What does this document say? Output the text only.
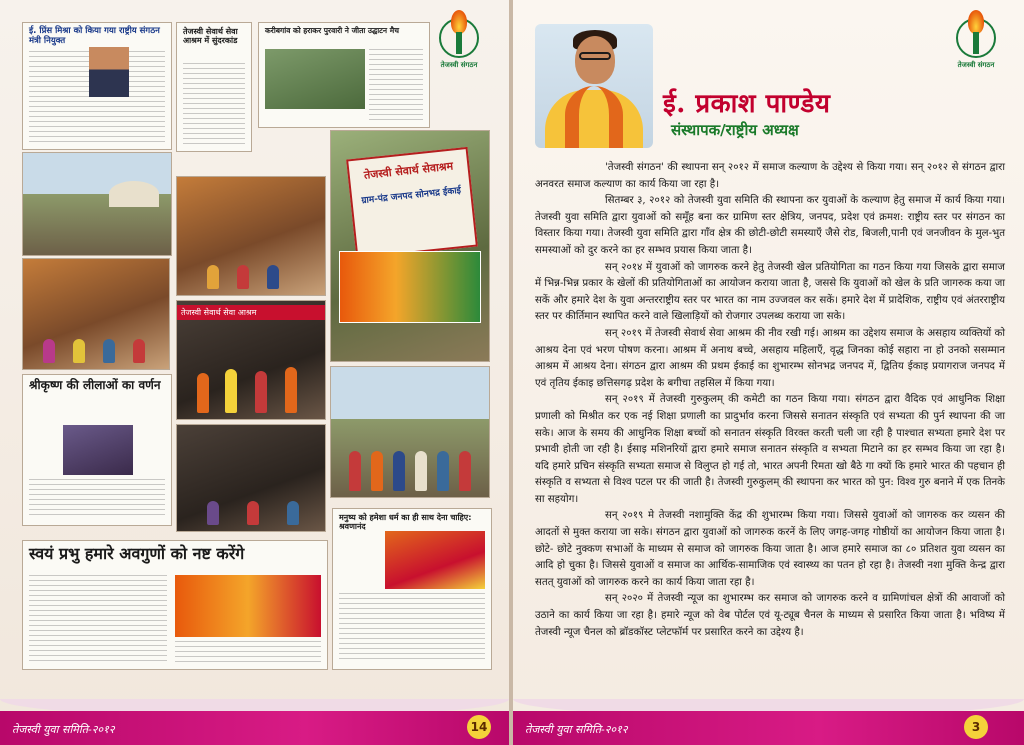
ई. प्रिंस मिश्रा को किया गया राष्ट्रीय संगठन मंत्री नियुक्त
तेजस्वी सेवार्थ सेवा आश्रम में सुंदरकांड
करीबगांव को हराकर पुरवारी ने जीता उद्घाटन मैच
तेजस्वी संगठन
तेजस्वी सेवार्थ सेवाश्रम
ग्राम-पंद्र जनपद सोनभद्र ईकाई
तेजस्वी सेवार्थ सेवा आश्रम
श्रीकृष्ण की लीलाओं का वर्णन
स्वयं प्रभु हमारे अवगुणों को नष्ट करेंगे
मनुष्य को हमेशा धर्म का ही साथ देना चाहिए: श्रवणानंद
तेजस्वी युवा समिति-२०१२	14
ई. प्रकाश पाण्डेय
संस्थापक/राष्ट्रीय अध्यक्ष
तेजस्वी संगठन

'तेजस्वी संगठन' की स्थापना सन् २०१२ में समाज कल्याण के उद्देश्य से किया गया। सन् २०१२ से संगठन द्वारा अनवरत समाज कल्याण का कार्य किया जा रहा है।

सितम्बर ३, २०१२ को तेजस्वी युवा समिति की स्थापना कर युवाओं के कल्याण हेतु समाज में कार्य किया गया। तेजस्वी युवा समिति द्वारा युवाओं को समूँह बना कर ग्रामिण स्तर क्षेत्रिय, जनपद, प्रदेश एवं क्रमश: राष्ट्रीय स्तर पर संगठन का विस्तार किया गया। तेजस्वी युवा समिति द्वारा गाँव क्षेत्र की छोटी-छोटी समस्याएँ जैसे रोड, बिजली,पानी एवं जनजीवन के मुल-भुत समस्याओं को दुर करने का हर सम्भव प्रयास किया जाता है।

सन् २०१४ में युवाओं को जागरुक करने हेतु तेजस्वी खेल प्रतियोगिता का गठन किया गया जिसके द्वारा समाज में भिन्न-भिन्न प्रकार के खेलों की प्रतियोगिताओं का आयोजन कराया जाता है, जससे कि युवाओं को खेल के प्रति जागरुक कया जा सकें और हमारे देश के युवा अन्तरराष्ट्रीय स्तर पर भारत का नाम उज्जवल कर सकें। हमारे देश में प्रादेशिक, राष्ट्रीय एवं अंतरराष्ट्रीय स्तर पर कीर्तिमान स्थापित करने वाले खिलाड़ियों को रोजगार उपलब्ध कराया जा सके।

सन् २०१९ में तेजस्वी सेवार्थ सेवा आश्रम की नीव रखी गई। आश्रम का उद्देशय समाज के असहाय व्यक्तियों को आश्रय देना एवं भरण पोषण करना। आश्रम में अनाथ बच्चे, असहाय महिलाएँ, वृद्ध जिनका कोई सहारा ना हो उनको ससम्मान आश्रम में आश्रय देना। संगठन द्वारा आश्रम की प्रथम ईकाई का शुभारम्भ सोनभद्र जनपद में, द्वितिय ईकाइ प्रयागराज जनपद में एवं तृतिय ईकाइ छत्तिसगढ़ प्रदेश के बगीचा तहसिल में किया गया।

सन् २०१९ में तेजस्वी गुरुकुलम् की कमेटी का गठन किया गया। संगठन द्वारा वैदिक एवं आधुनिक शिक्षा प्रणाली को मिश्रीत कर एक नई शिक्षा प्रणाली का प्रादुर्भाव करना जिससे सनातन संस्कृति एवं सभ्यता की पुर्न स्थापना की जा सके। आज के समय की आधुनिक शिक्षा बच्चों को सनातन संस्कृति विरक्त करती चली जा रही है पाश्चात सभ्यता हमारे देश पर प्रभावी होती जा रही है। ईसाइ मशिनरियों द्वारा हमारे समाज सनातन संस्कृति व सभ्यता मिटाने का हर सम्भव किया जा रहा है। यदि हमारे प्रचिन संस्कृति सभ्यता समाज से विलुप्त हो गई तो, भारत अपनी रिमता खो बैठे गा क्यों कि हमारे भारत की पहचान ही संस्कृति व सभ्यता से विश्व पटल पर की जाती है। तेजस्वी गुरुकुलम् की स्थापना कर भारत को पुन: विश्व गुरु बनाने में एक तिनके सा सहयोग।

सन् २०१९ मे तेजस्वी नशामुक्ति केंद्र की शुभारम्भ किया गया। जिससे युवाओं को जागरुक कर व्यसन की आदतों से मुक्त कराया जा सके। संगठन द्वारा युवाओं को जागरुक करनें के लिए जगह-जगह गोष्ठीयों का आयोजन किया जाता है। छोटे- छोटे नुक्कण सभाओं के माध्यम से समाज को जागरुक किया जाता है। आज हमारे समाज का ८० प्रतिशत युवा व्यसन का आदि हो चुका है। जिससे युवाओं व समाज का आर्थिक-सामाजिक एवं स्वास्थ्य का पतन हो रहा है। तेजस्वी नशा मुक्ति केन्द्र द्वारा सतत् युवाओं को जागरुक करने का कार्य किया जाता रहा है।

सन् २०२० में तेजस्वी न्यूज का शुभारम्भ कर समाज को जागरुक करने व ग्रामिणांचल क्षेत्रों की आवाजों को उठाने का कार्य किया जा रहा है। हमारे न्यूज को वेब पोर्टल एवं यू-ट्यूब चैनल के माध्यम से प्रसारित किया जाता है। भविष्य में तेजस्वी न्यूज चैनल को ब्रॉडकॉस्ट प्लेटफॉर्म पर प्रसारित करने का उद्देश्य है।

तेजस्वी युवा समिति-२०१२	3
